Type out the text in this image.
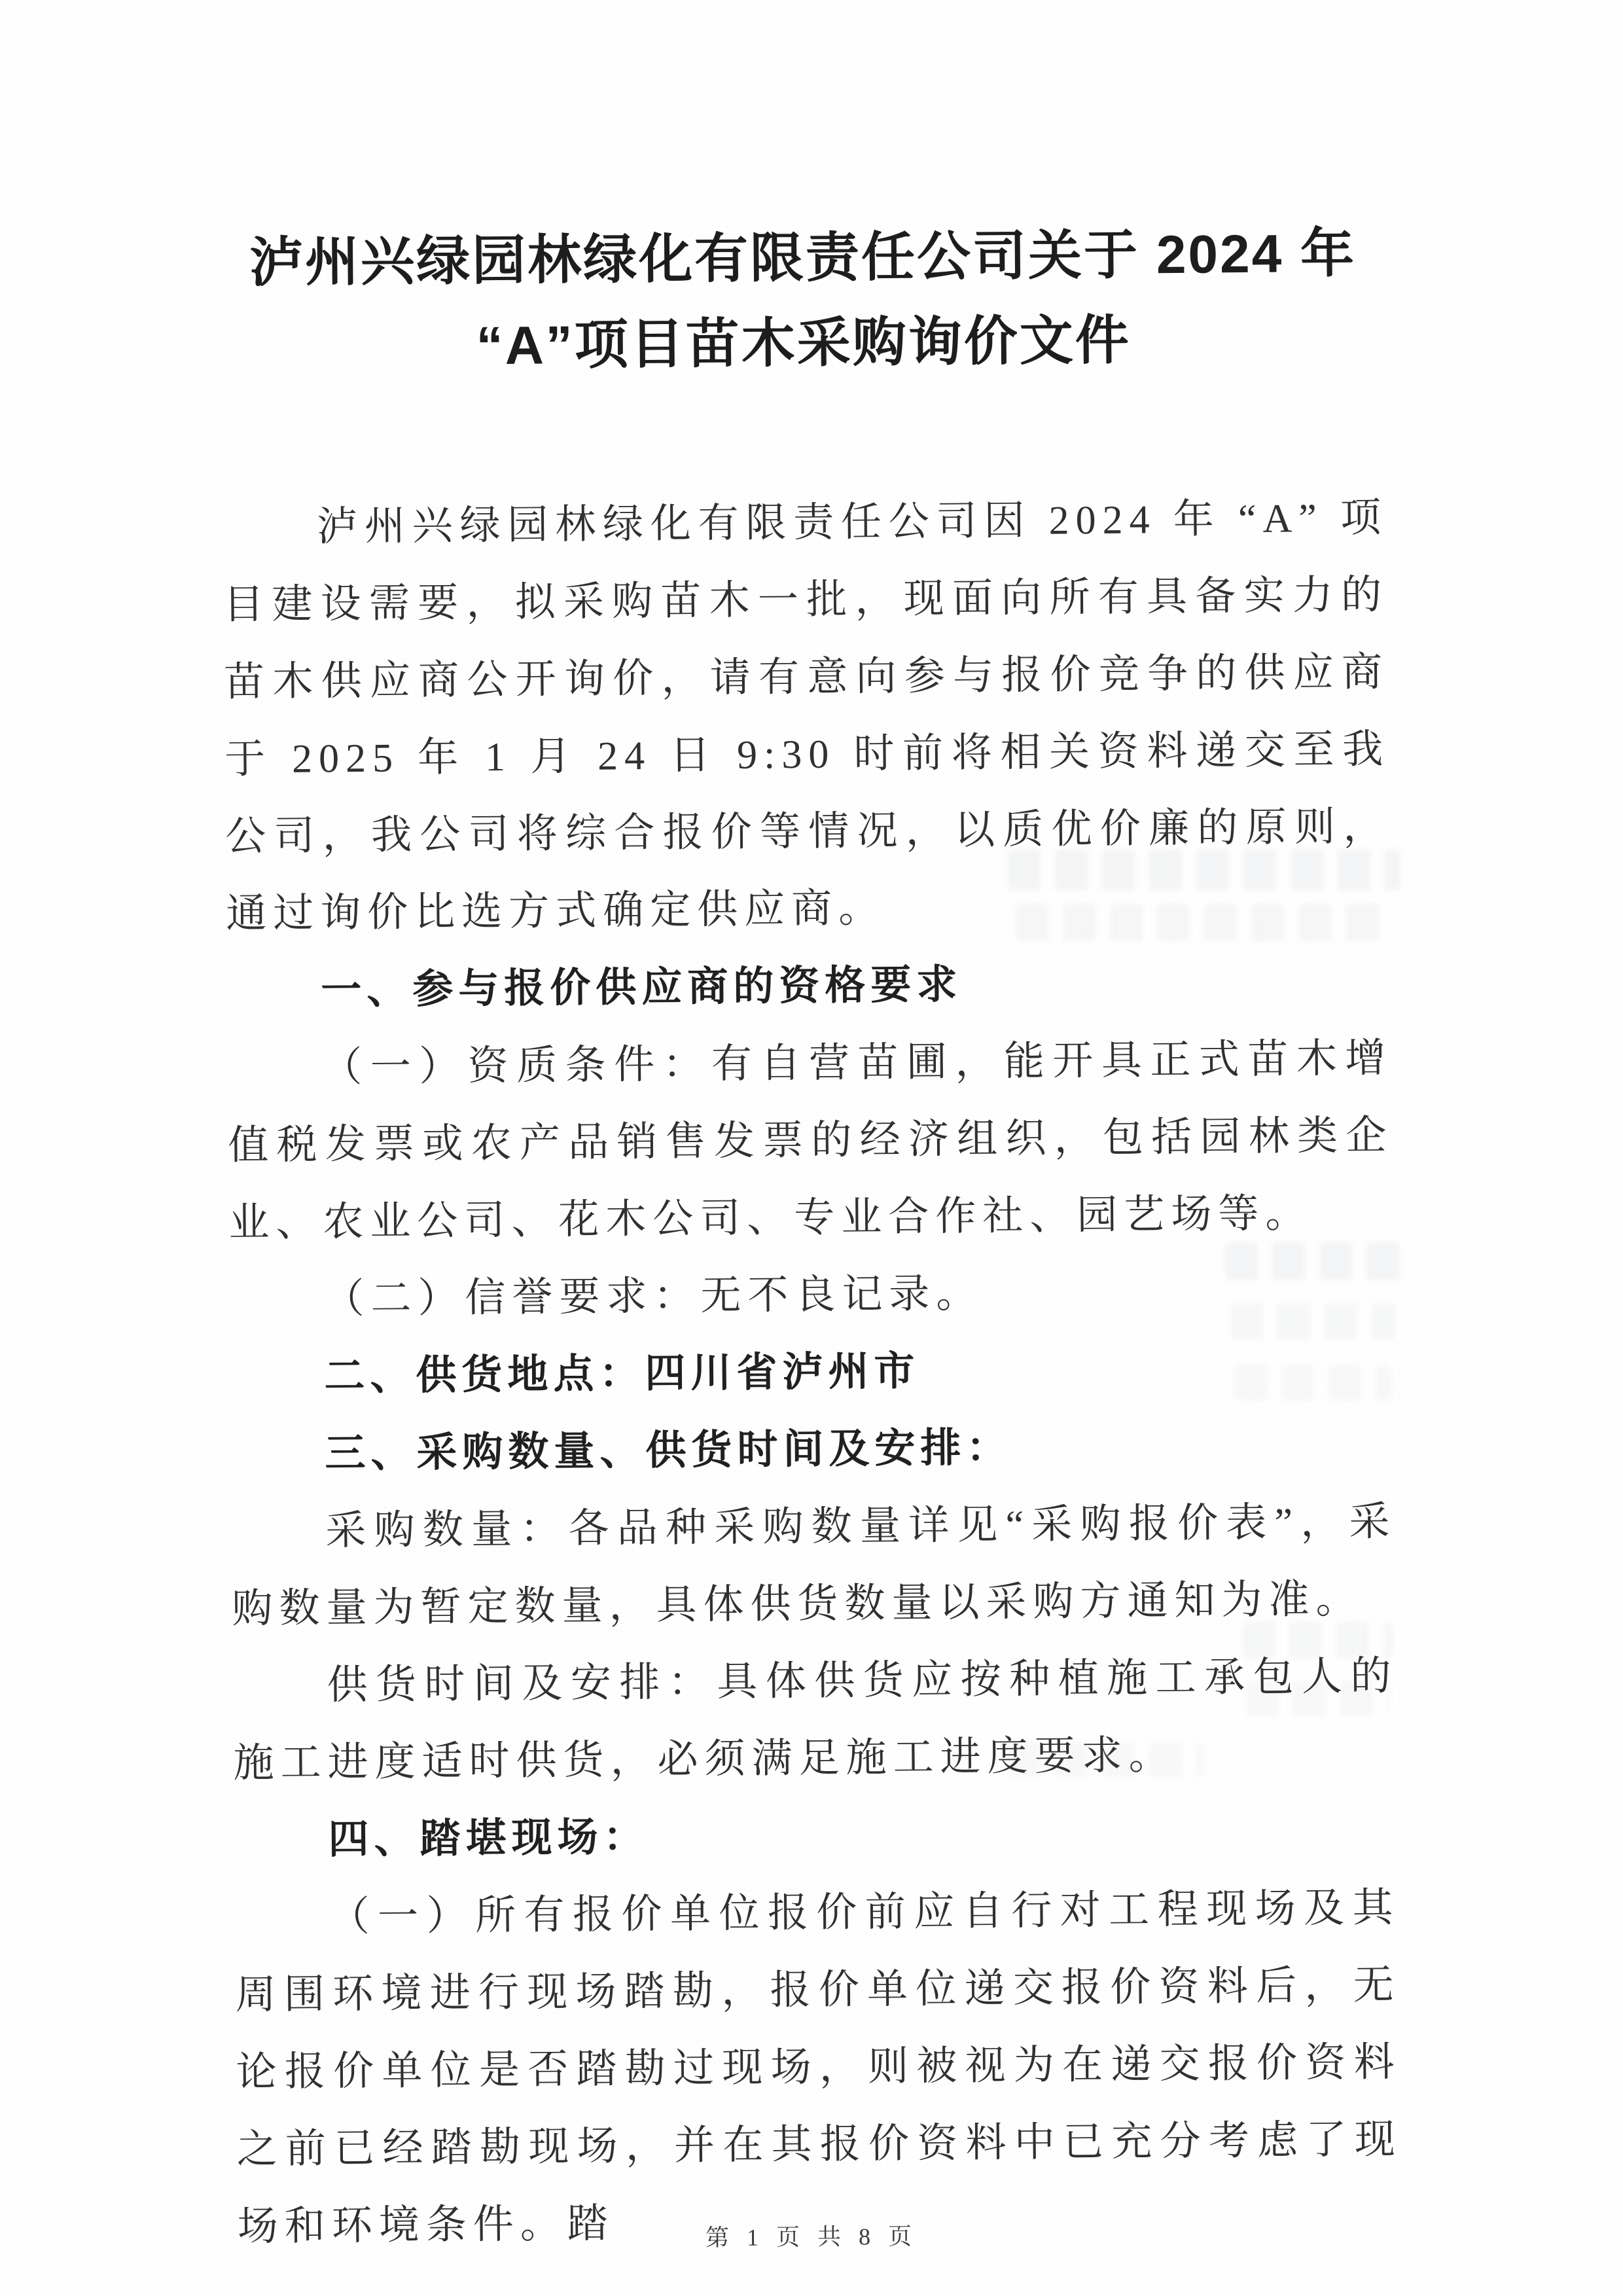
泸州兴绿园林绿化有限责任公司关于 2024 年
“A”项目苗木采购询价文件

泸州兴绿园林绿化有限责任公司因 2024 年 “A” 项目建设需要，拟采购苗木一批，现面向所有具备实力的苗木供应商公开询价，请有意向参与报价竞争的供应商于 2025 年 1 月 24 日 9:30 时前将相关资料递交至我公司，我公司将综合报价等情况，以质优价廉的原则，通过询价比选方式确定供应商。

一、参与报价供应商的资格要求

（一）资质条件：有自营苗圃，能开具正式苗木增值税发票或农产品销售发票的经济组织，包括园林类企业、农业公司、花木公司、专业合作社、园艺场等。

（二）信誉要求：无不良记录。

二、供货地点：四川省泸州市

三、采购数量、供货时间及安排：

采购数量：各品种采购数量详见“采购报价表”，采购数量为暂定数量，具体供货数量以采购方通知为准。

供货时间及安排：具体供货应按种植施工承包人的施工进度适时供货，必须满足施工进度要求。

四、踏堪现场：

（一）所有报价单位报价前应自行对工程现场及其周围环境进行现场踏勘，报价单位递交报价资料后，无论报价单位是否踏勘过现场，则被视为在递交报价资料之前已经踏勘现场，并在其报价资料中已充分考虑了现场和环境条件。踏	第 1 页 共 8 页
